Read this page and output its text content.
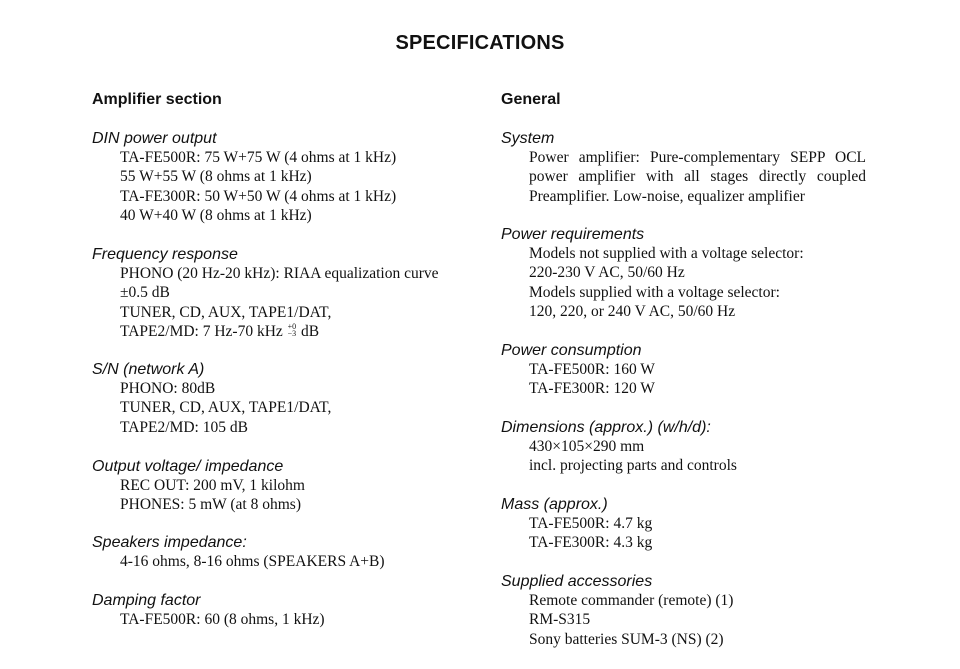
SPECIFICATIONS
Amplifier section
DIN power output
TA-FE500R: 75 W+75 W (4 ohms at 1 kHz)
55 W+55 W (8 ohms at 1 kHz)
TA-FE300R: 50 W+50 W (4 ohms at 1 kHz)
40 W+40 W (8 ohms at 1 kHz)
Frequency response
PHONO (20 Hz-20 kHz): RIAA equalization curve
±0.5 dB
TUNER, CD, AUX, TAPE1/DAT,
TAPE2/MD: 7 Hz-70 kHz +0
−3 dB
S/N (network A)
PHONO: 80dB
TUNER, CD, AUX, TAPE1/DAT,
TAPE2/MD: 105 dB
Output voltage/ impedance
REC OUT: 200 mV, 1 kilohm
PHONES: 5 mW (at 8 ohms)
Speakers impedance:
4-16 ohms, 8-16 ohms (SPEAKERS A+B)
Damping factor
TA-FE500R: 60 (8 ohms, 1 kHz)
General
System
Power amplifier: Pure-complementary SEPP OCL
power amplifier with all stages directly coupled
Preamplifier. Low-noise, equalizer amplifier
Power requirements
Models not supplied with a voltage selector:
220-230 V AC, 50/60 Hz
Models supplied with a voltage selector:
120, 220, or 240 V AC, 50/60 Hz
Power consumption
TA-FE500R: 160 W
TA-FE300R: 120 W
Dimensions (approx.) (w/h/d):
430×105×290 mm
incl. projecting parts and controls
Mass (approx.)
TA-FE500R: 4.7 kg
TA-FE300R: 4.3 kg
Supplied accessories
Remote commander (remote) (1)
RM-S315
Sony batteries SUM-3 (NS) (2)
